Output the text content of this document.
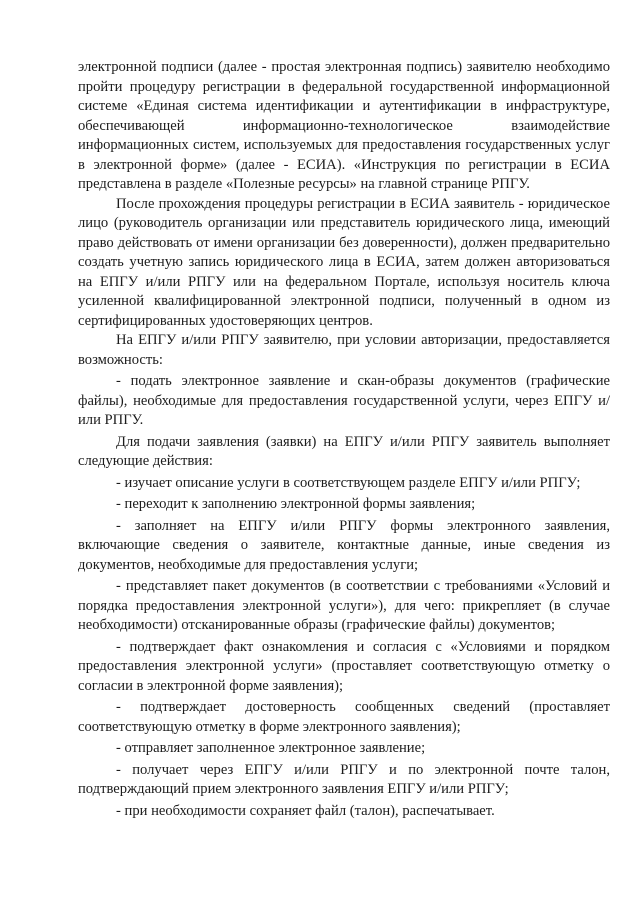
электронной подписи (далее - простая электронная подпись) заявителю необходимо пройти процедуру регистрации в федеральной государственной информационной системе «Единая система идентификации и аутентификации в инфраструктуре, обеспечивающей информационно-технологическое взаимодействие информационных систем, используемых для предоставления государственных услуг в электронной форме» (далее - ЕСИА). «Инструкция по регистрации в ЕСИА представлена в разделе «Полезные ресурсы» на главной странице РПГУ.

После прохождения процедуры регистрации в ЕСИА заявитель - юридическое лицо (руководитель организации или представитель юридического лица, имеющий право действовать от имени организации без доверенности), должен предварительно создать учетную запись юридического лица в ЕСИА, затем должен авторизоваться на ЕПГУ и/или РПГУ или на федеральном Портале, используя носитель ключа усиленной квалифицированной электронной подписи, полученный в одном из сертифицированных удостоверяющих центров.

На ЕПГУ и/или РПГУ заявителю, при условии авторизации, предоставляется возможность:

- подать электронное заявление и скан-образы документов (графические файлы), необходимые для предоставления государственной услуги, через ЕПГУ и/или РПГУ.

Для подачи заявления (заявки) на ЕПГУ и/или РПГУ заявитель выполняет следующие действия:

- изучает описание услуги в соответствующем разделе ЕПГУ и/или РПГУ;

- переходит к заполнению электронной формы заявления;

- заполняет на ЕПГУ и/или РПГУ формы электронного заявления, включающие сведения о заявителе, контактные данные, иные сведения из документов, необходимые для предоставления услуги;

- представляет пакет документов (в соответствии с требованиями «Условий и порядка предоставления электронной услуги»), для чего: прикрепляет (в случае необходимости) отсканированные образы (графические файлы) документов;

- подтверждает факт ознакомления и согласия с «Условиями и порядком предоставления электронной услуги» (проставляет соответствующую отметку о согласии в электронной форме заявления);

- подтверждает достоверность сообщенных сведений (проставляет соответствующую отметку в форме электронного заявления);

- отправляет заполненное электронное заявление;

- получает через ЕПГУ и/или РПГУ и по электронной почте талон, подтверждающий прием электронного заявления ЕПГУ и/или РПГУ;

- при необходимости сохраняет файл (талон), распечатывает.
